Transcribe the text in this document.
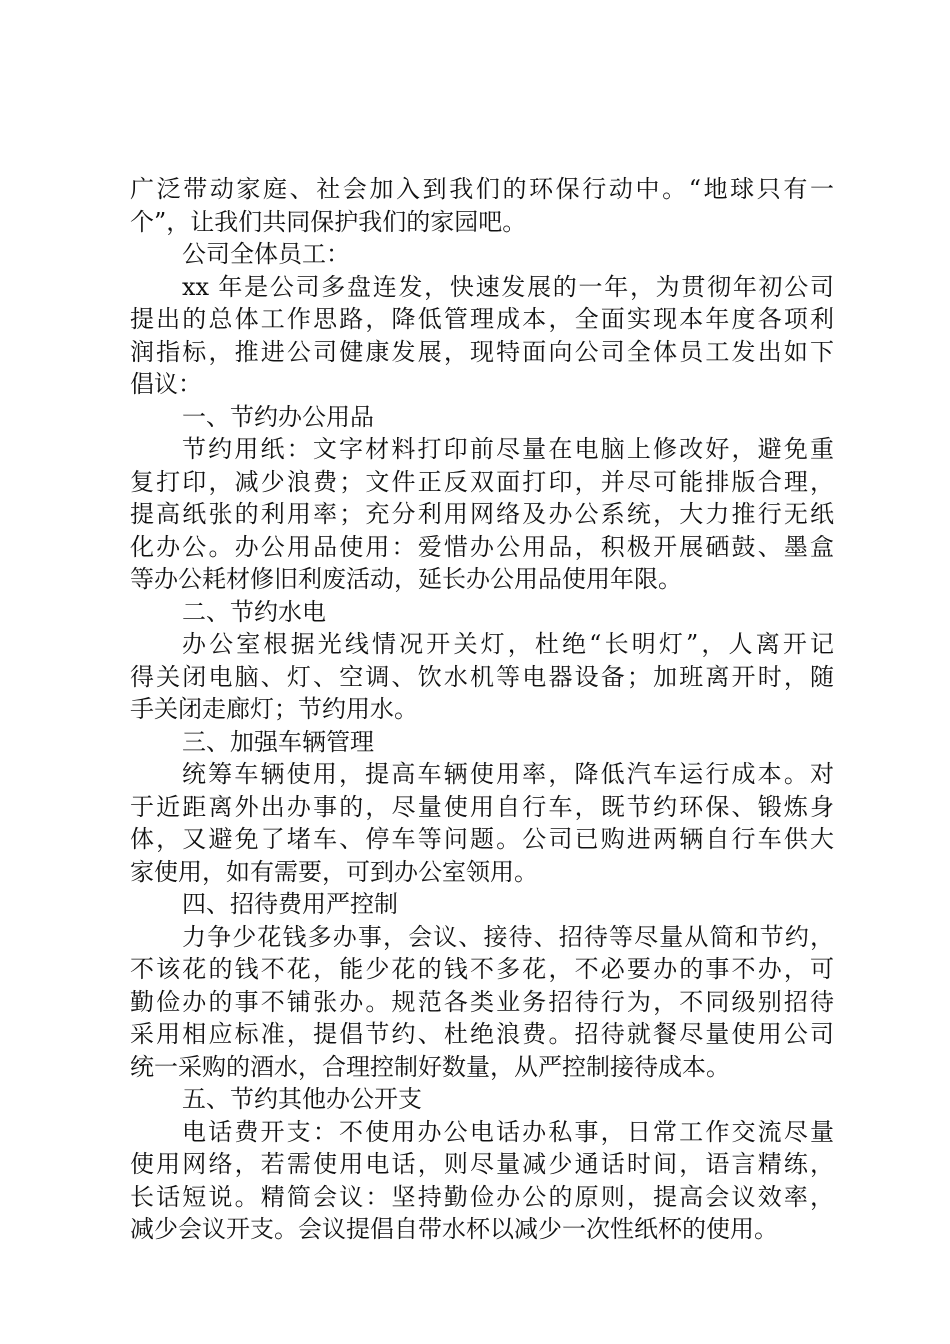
广泛带动家庭、社会加入到我们的环保行动中。“地球只有一
个”，让我们共同保护我们的家园吧。
公司全体员工：
xx 年是公司多盘连发，快速发展的一年，为贯彻年初公司
提出的总体工作思路，降低管理成本，全面实现本年度各项利
润指标，推进公司健康发展，现特面向公司全体员工发出如下
倡议：
一、节约办公用品
节约用纸：文字材料打印前尽量在电脑上修改好，避免重
复打印，减少浪费；文件正反双面打印，并尽可能排版合理，
提高纸张的利用率；充分利用网络及办公系统，大力推行无纸
化办公。办公用品使用：爱惜办公用品，积极开展硒鼓、墨盒
等办公耗材修旧利废活动，延长办公用品使用年限。
二、节约水电
办公室根据光线情况开关灯，杜绝“长明灯”，人离开记
得关闭电脑、灯、空调、饮水机等电器设备；加班离开时，随
手关闭走廊灯；节约用水。
三、加强车辆管理
统筹车辆使用，提高车辆使用率，降低汽车运行成本。对
于近距离外出办事的，尽量使用自行车，既节约环保、锻炼身
体，又避免了堵车、停车等问题。公司已购进两辆自行车供大
家使用，如有需要，可到办公室领用。
四、招待费用严控制
力争少花钱多办事，会议、接待、招待等尽量从简和节约，
不该花的钱不花，能少花的钱不多花，不必要办的事不办，可
勤俭办的事不铺张办。规范各类业务招待行为，不同级别招待
采用相应标准，提倡节约、杜绝浪费。招待就餐尽量使用公司
统一采购的酒水，合理控制好数量，从严控制接待成本。
五、节约其他办公开支
电话费开支：不使用办公电话办私事，日常工作交流尽量
使用网络，若需使用电话，则尽量减少通话时间，语言精练，
长话短说。精简会议：坚持勤俭办公的原则，提高会议效率，
减少会议开支。会议提倡自带水杯以减少一次性纸杯的使用。
